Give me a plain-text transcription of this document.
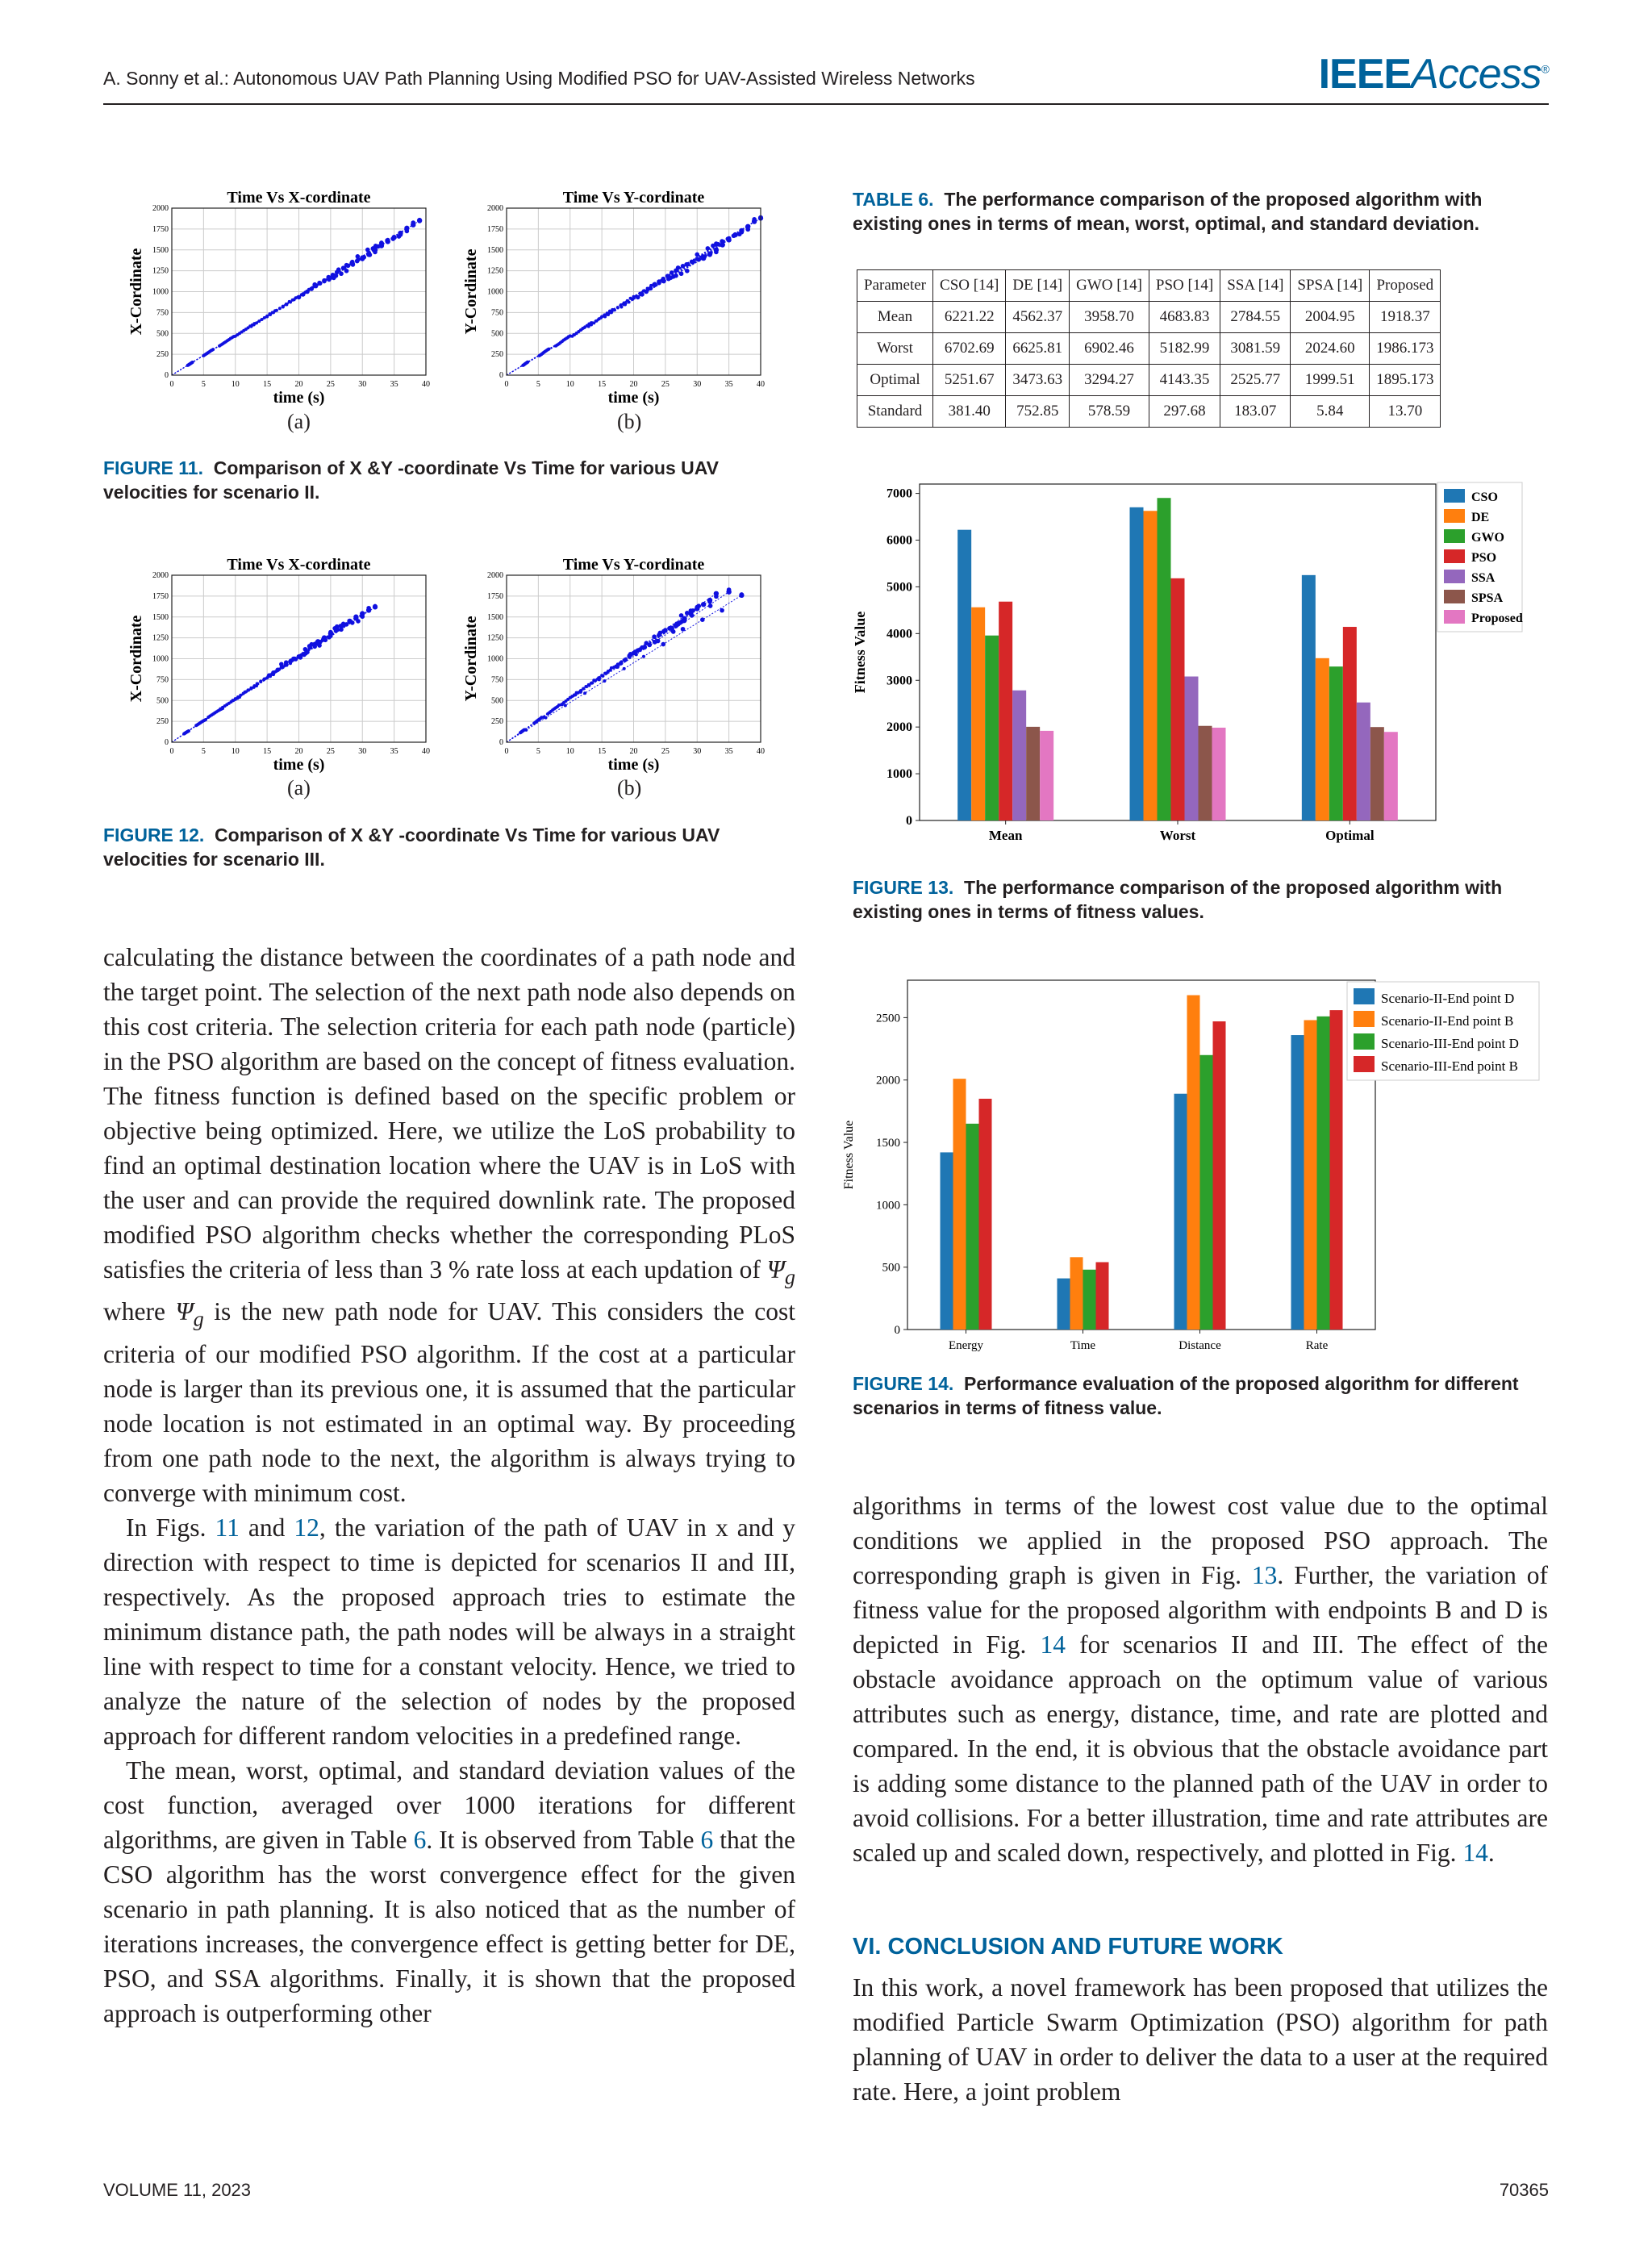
A. Sonny et al.: Autonomous UAV Path Planning Using Modified PSO for UAV-Assisted Wireless Networks	IEEEAccess®
Time Vs X-cordinate
0	5	10	15	20	25	30	35	40
0
250
500
750
1000
1250
1500
1750
2000
time (s)
X-Cordinate
Time Vs Y-cordinate
0	5	10	15	20	25	30	35	40
0
250
500
750
1000
1250
1500
1750
2000
time (s)
Y-Cordinate
(a)	(b)
FIGURE 11. Comparison of X &Y -coordinate Vs Time for various UAV velocities for scenario II.
Time Vs X-cordinate
0	5	10	15	20	25	30	35	40
0
250
500
750
1000
1250
1500
1750
2000
time (s)
X-Cordinate
Time Vs Y-cordinate
0	5	10	15	20	25	30	35	40
0
250
500
750
1000
1250
1500
1750
2000
time (s)
Y-Cordinate
(a)	(b)
FIGURE 12. Comparison of X &Y -coordinate Vs Time for various UAV velocities for scenario III.
TABLE 6. The performance comparison of the proposed algorithm with existing ones in terms of mean, worst, optimal, and standard deviation.
Parameter	CSO [14]	DE [14]	GWO [14]	PSO [14]	SSA [14]	SPSA [14]	Proposed
Mean	6221.22	4562.37	3958.70	4683.83	2784.55	2004.95	1918.37
Worst	6702.69	6625.81	6902.46	5182.99	3081.59	2024.60	1986.173
Optimal	5251.67	3473.63	3294.27	4143.35	2525.77	1999.51	1895.173
Standard	381.40	752.85	578.59	297.68	183.07	5.84	13.70
0
1000
2000
3000
4000
5000
6000
7000
Fitness Value
Mean	Worst	Optimal
CSO
DE
GWO
PSO
SSA
SPSA
Proposed
FIGURE 13. The performance comparison of the proposed algorithm with existing ones in terms of fitness values.
0
500
1000
1500
2000
2500
Fitness Value
Energy	Time	Distance	Rate
Scenario-II-End point D
Scenario-II-End point B
Scenario-III-End point D
Scenario-III-End point B
FIGURE 14. Performance evaluation of the proposed algorithm for different scenarios in terms of fitness value.

calculating the distance between the coordinates of a path node and the target point. The selection of the next path node also depends on this cost criteria. The selection criteria for each path node (particle) in the PSO algorithm are based on the concept of fitness evaluation. The fitness function is defined based on the specific problem or objective being optimized. Here, we utilize the LoS probability to find an optimal destination location where the UAV is in LoS with the user and can provide the required downlink rate. The proposed modified PSO algorithm checks whether the corresponding PLoS satisfies the criteria of less than 3 % rate loss at each updation of $\Psi_g$ where $\Psi_g$ is the new path node for UAV. This considers the cost criteria of our modified PSO algorithm. If the cost at a particular node is larger than its previous one, it is assumed that the particular node location is not estimated in an optimal way. By proceeding from one path node to the next, the algorithm is always trying to converge with minimum cost.

In Figs. 11 and 12, the variation of the path of UAV in x and y direction with respect to time is depicted for scenarios II and III, respectively. As the proposed approach tries to estimate the minimum distance path, the path nodes will be always in a straight line with respect to time for a constant velocity. Hence, we tried to analyze the nature of the selection of nodes by the proposed approach for different random velocities in a predefined range.

The mean, worst, optimal, and standard deviation values of the cost function, averaged over 1000 iterations for different algorithms, are given in Table 6. It is observed from Table 6 that the CSO algorithm has the worst convergence effect for the given scenario in path planning. It is also noticed that as the number of iterations increases, the convergence effect is getting better for DE, PSO, and SSA algorithms. Finally, it is shown that the proposed approach is outperforming other

algorithms in terms of the lowest cost value due to the optimal conditions we applied in the proposed PSO approach. The corresponding graph is given in Fig. 13. Further, the variation of fitness value for the proposed algorithm with endpoints B and D is depicted in Fig. 14 for scenarios II and III. The effect of the obstacle avoidance approach on the optimum value of various attributes such as energy, distance, time, and rate are plotted and compared. In the end, it is obvious that the obstacle avoidance part is adding some distance to the planned path of the UAV in order to avoid collisions. For a better illustration, time and rate attributes are scaled up and scaled down, respectively, and plotted in Fig. 14.

VI. CONCLUSION AND FUTURE WORK

In this work, a novel framework has been proposed that utilizes the modified Particle Swarm Optimization (PSO) algorithm for path planning of UAV in order to deliver the data to a user at the required rate. Here, a joint problem

VOLUME 11, 2023	70365
